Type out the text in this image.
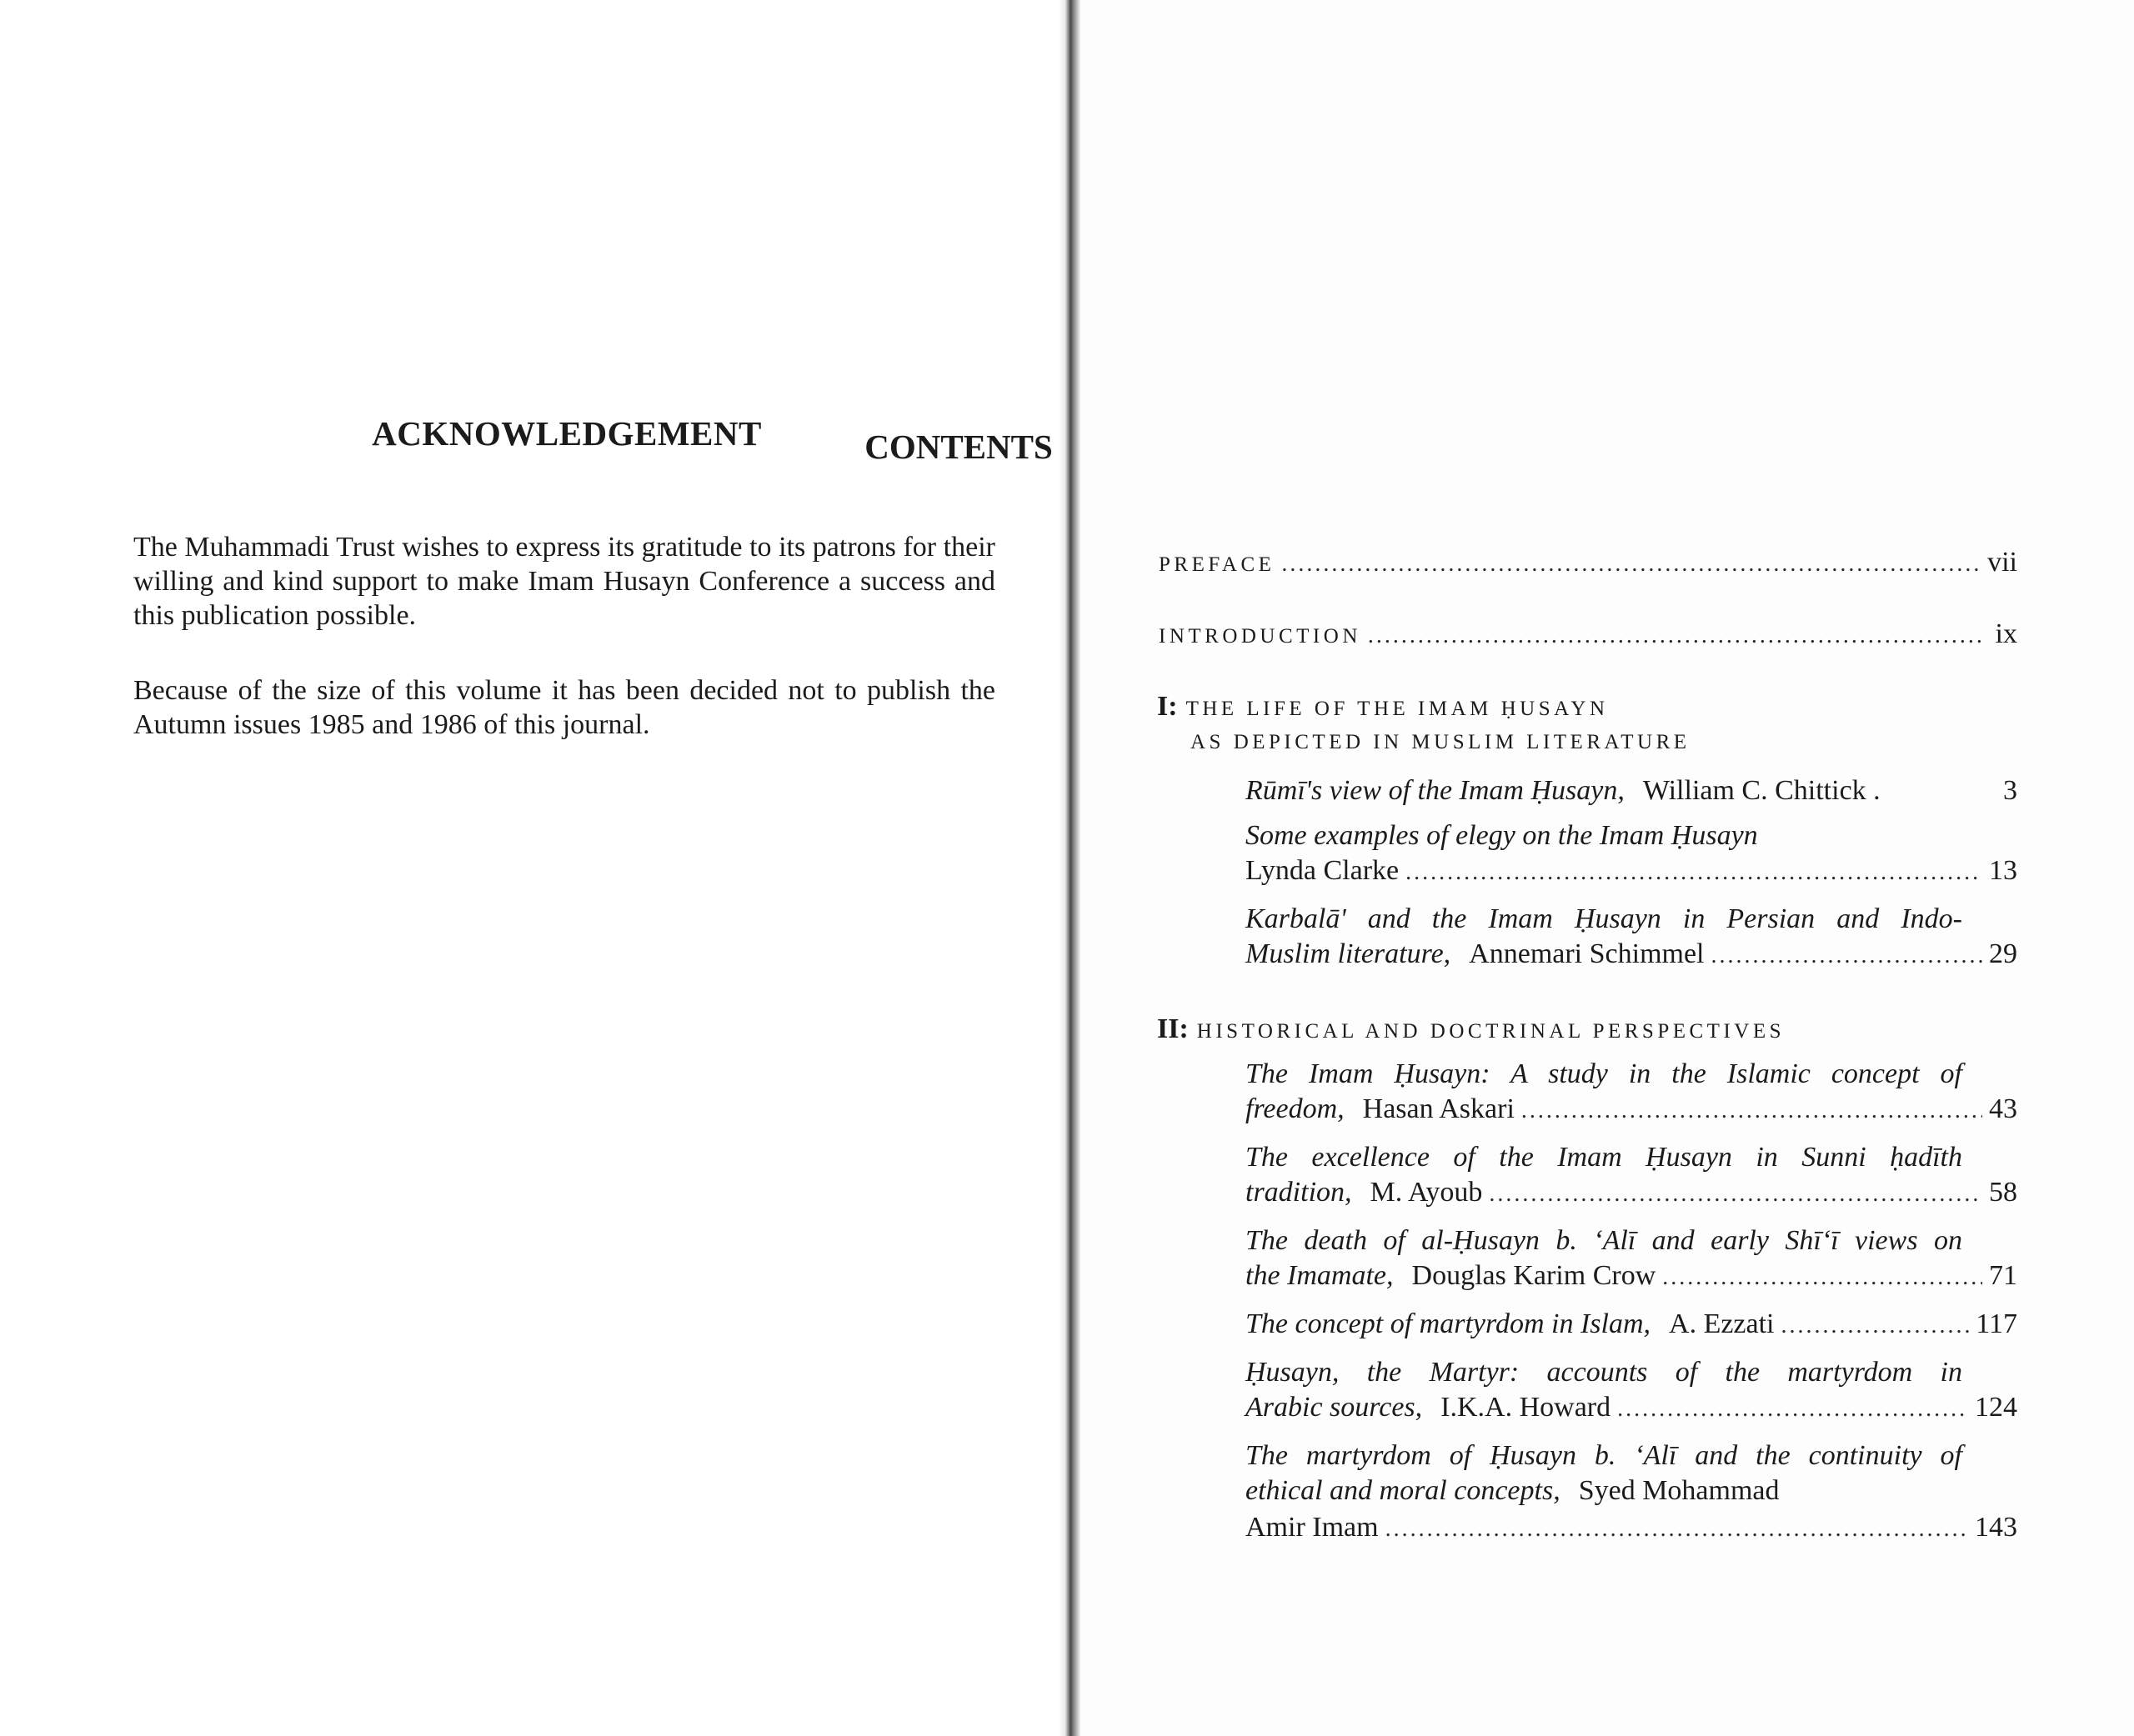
ACKNOWLEDGEMENT

The Muhammadi Trust wishes to express its gratitude to its patrons for their willing and kind support to make Imam Husayn Conference a success and this publication possible.

Because of the size of this volume it has been decided not to publish the Autumn issues 1985 and 1986 of this journal.

CONTENTS
PREFACE .....	vii
INTRODUCTION .....	ix
I: THE LIFE OF THE IMAM ḤUSAYN
AS DEPICTED IN MUSLIM LITERATURE
Rūmī's view of the Imam Ḥusayn, William C. Chittick .	3
Some examples of elegy on the Imam Ḥusayn
Lynda Clarke .....	13
Karbalā' and the Imam Ḥusayn in Persian and Indo-
Muslim literature, Annemari Schimmel .....	29
II: HISTORICAL AND DOCTRINAL PERSPECTIVES
The Imam Ḥusayn: A study in the Islamic concept of
freedom, Hasan Askari .....	43
The excellence of the Imam Ḥusayn in Sunni ḥadīth
tradition, M. Ayoub .....	58
The death of al-Ḥusayn b. ʻAlī and early Shīʻī views on
the Imamate, Douglas Karim Crow .....	71
The concept of martyrdom in Islam, A. Ezzati .....	117
Ḥusayn, the Martyr: accounts of the martyrdom in
Arabic sources, I.K.A. Howard .....	124
The martyrdom of Ḥusayn b. ʻAlī and the continuity of
ethical and moral concepts, Syed Mohammad
Amir Imam .....	143
